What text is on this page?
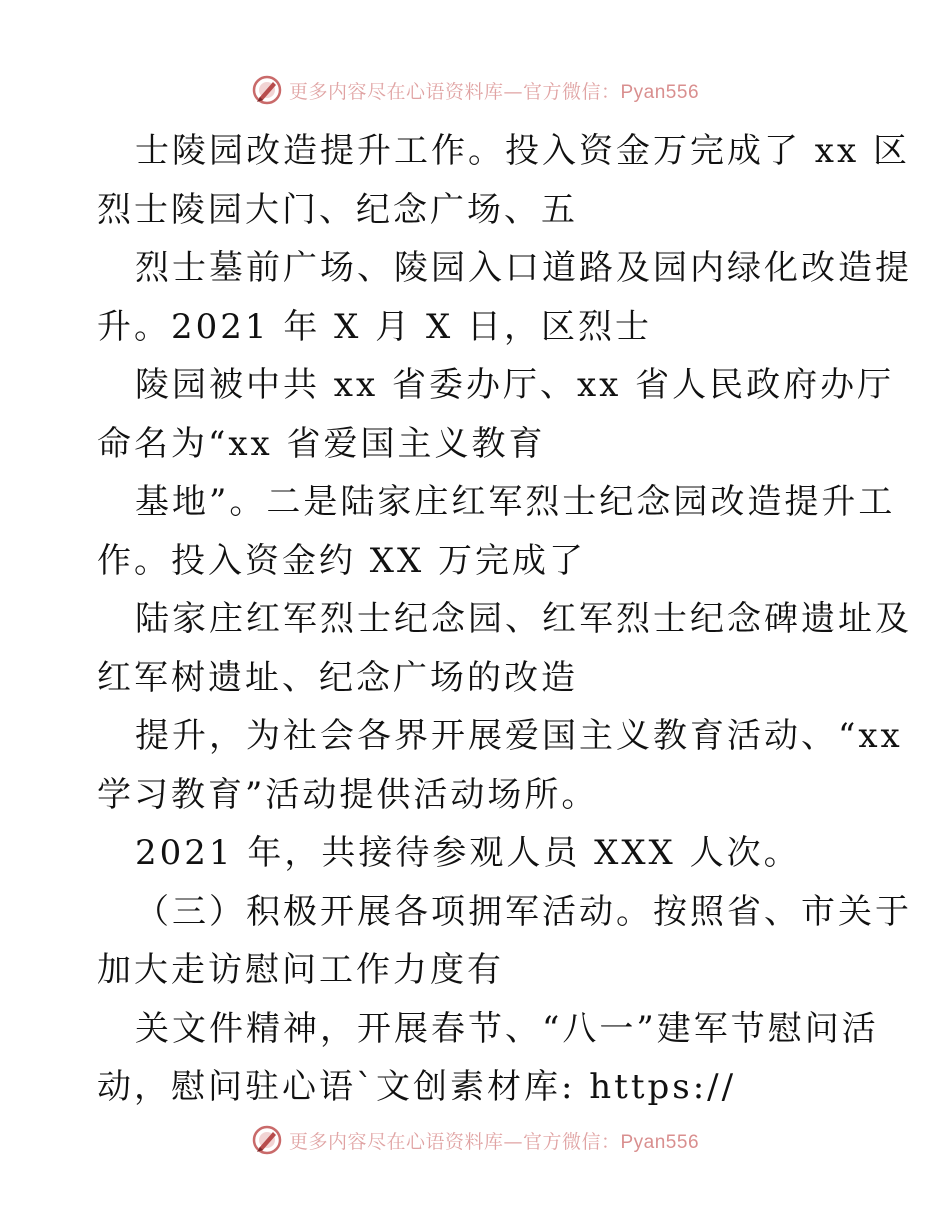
更多内容尽在心语资料库—官方微信：Pyan556
士陵园改造提升工作。投入资金万完成了 xx 区
烈士陵园大门、纪念广场、五
烈士墓前广场、陵园入口道路及园内绿化改造提
升。2021 年 X 月 X 日，区烈士
陵园被中共 xx 省委办厅、xx 省人民政府办厅
命名为“xx 省爱国主义教育
基地”。二是陆家庄红军烈士纪念园改造提升工
作。投入资金约 XX 万完成了
陆家庄红军烈士纪念园、红军烈士纪念碑遗址及
红军树遗址、纪念广场的改造
提升，为社会各界开展爱国主义教育活动、“xx
学习教育”活动提供活动场所。
2021 年，共接待参观人员 XXX 人次。
（三）积极开展各项拥军活动。按照省、市关于
加大走访慰问工作力度有
关文件精神，开展春节、“八一”建军节慰问活
动，慰问驻心语`文创素材库: https://
更多内容尽在心语资料库—官方微信：Pyan556
